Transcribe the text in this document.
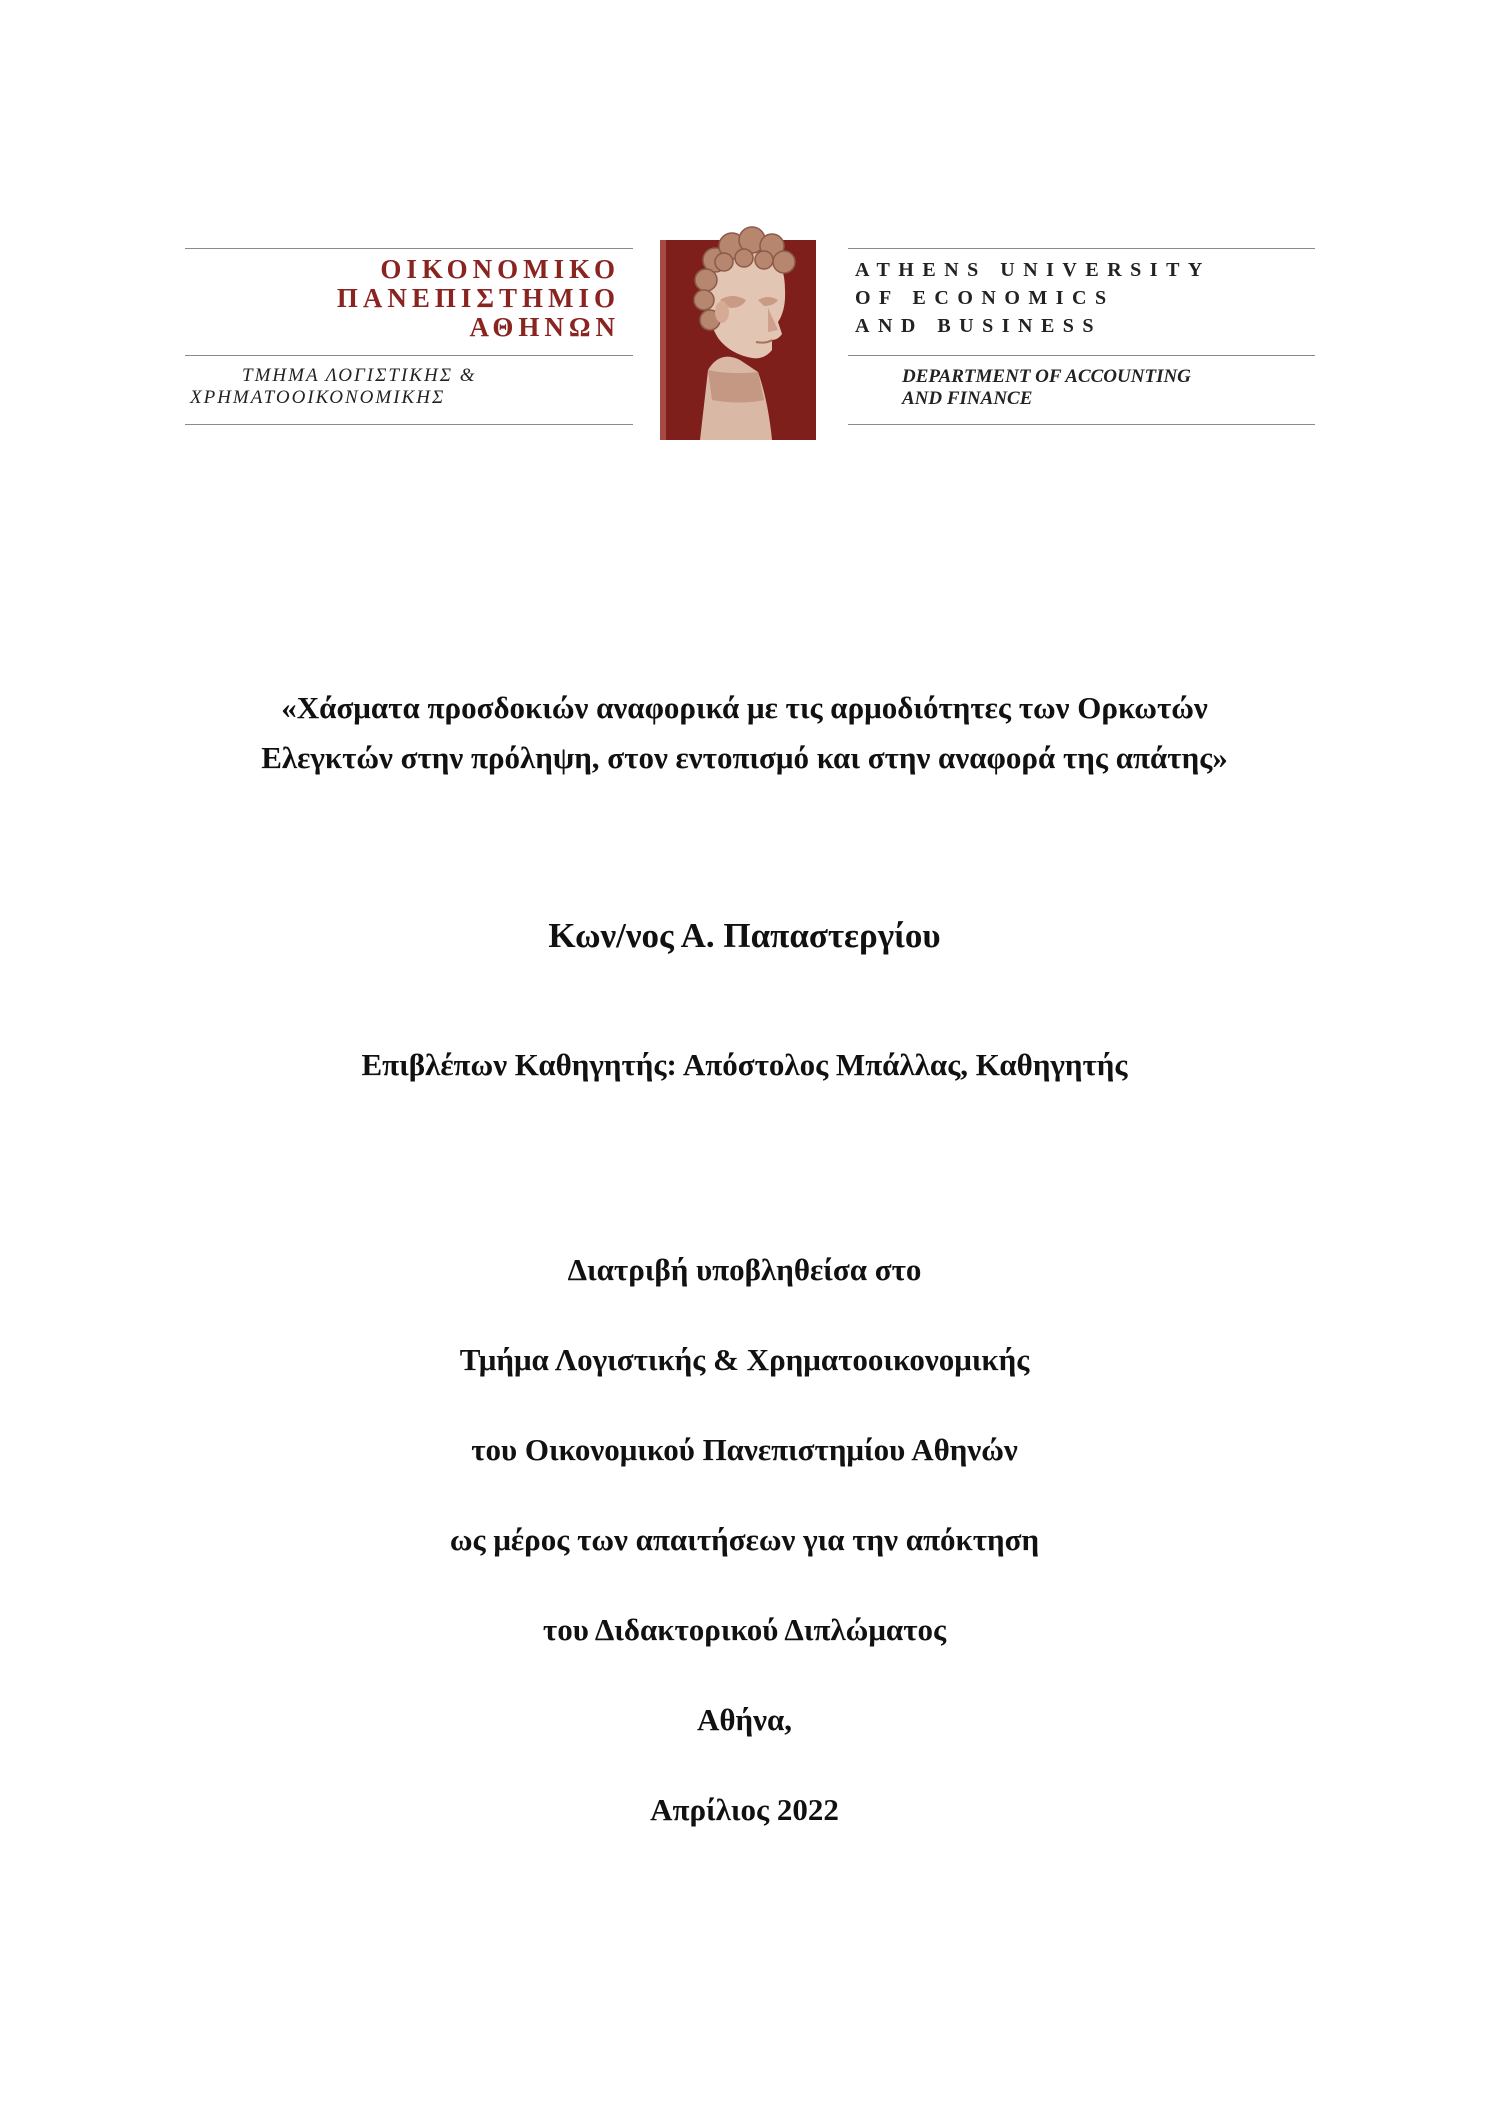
ΟΙΚΟΝΟΜΙΚΟ
ΠΑΝΕΠΙΣΤΗΜΙΟ
ΑΘΗΝΩΝ
ΤΜΗΜΑ ΛΟΓΙΣΤΙΚΗΣ &
ΧΡΗΜΑΤΟΟΙΚΟΝΟΜΙΚΗΣ
ATHENS UNIVERSITY
OF ECONOMICS
AND BUSINESS
DEPARTMENT OF ACCOUNTING
AND FINANCE
«Χάσματα προσδοκιών αναφορικά με τις αρμοδιότητες των Ορκωτών
Ελεγκτών στην πρόληψη, στον εντοπισμό και στην αναφορά της απάτης»
Κων/νος Α. Παπαστεργίου
Επιβλέπων Καθηγητής: Απόστολος Μπάλλας, Καθηγητής
Διατριβή υποβληθείσα στο
Τμήμα Λογιστικής & Χρηματοοικονομικής
του Οικονομικού Πανεπιστημίου Αθηνών
ως μέρος των απαιτήσεων για την απόκτηση
του Διδακτορικού Διπλώματος
Αθήνα,
Απρίλιος 2022
